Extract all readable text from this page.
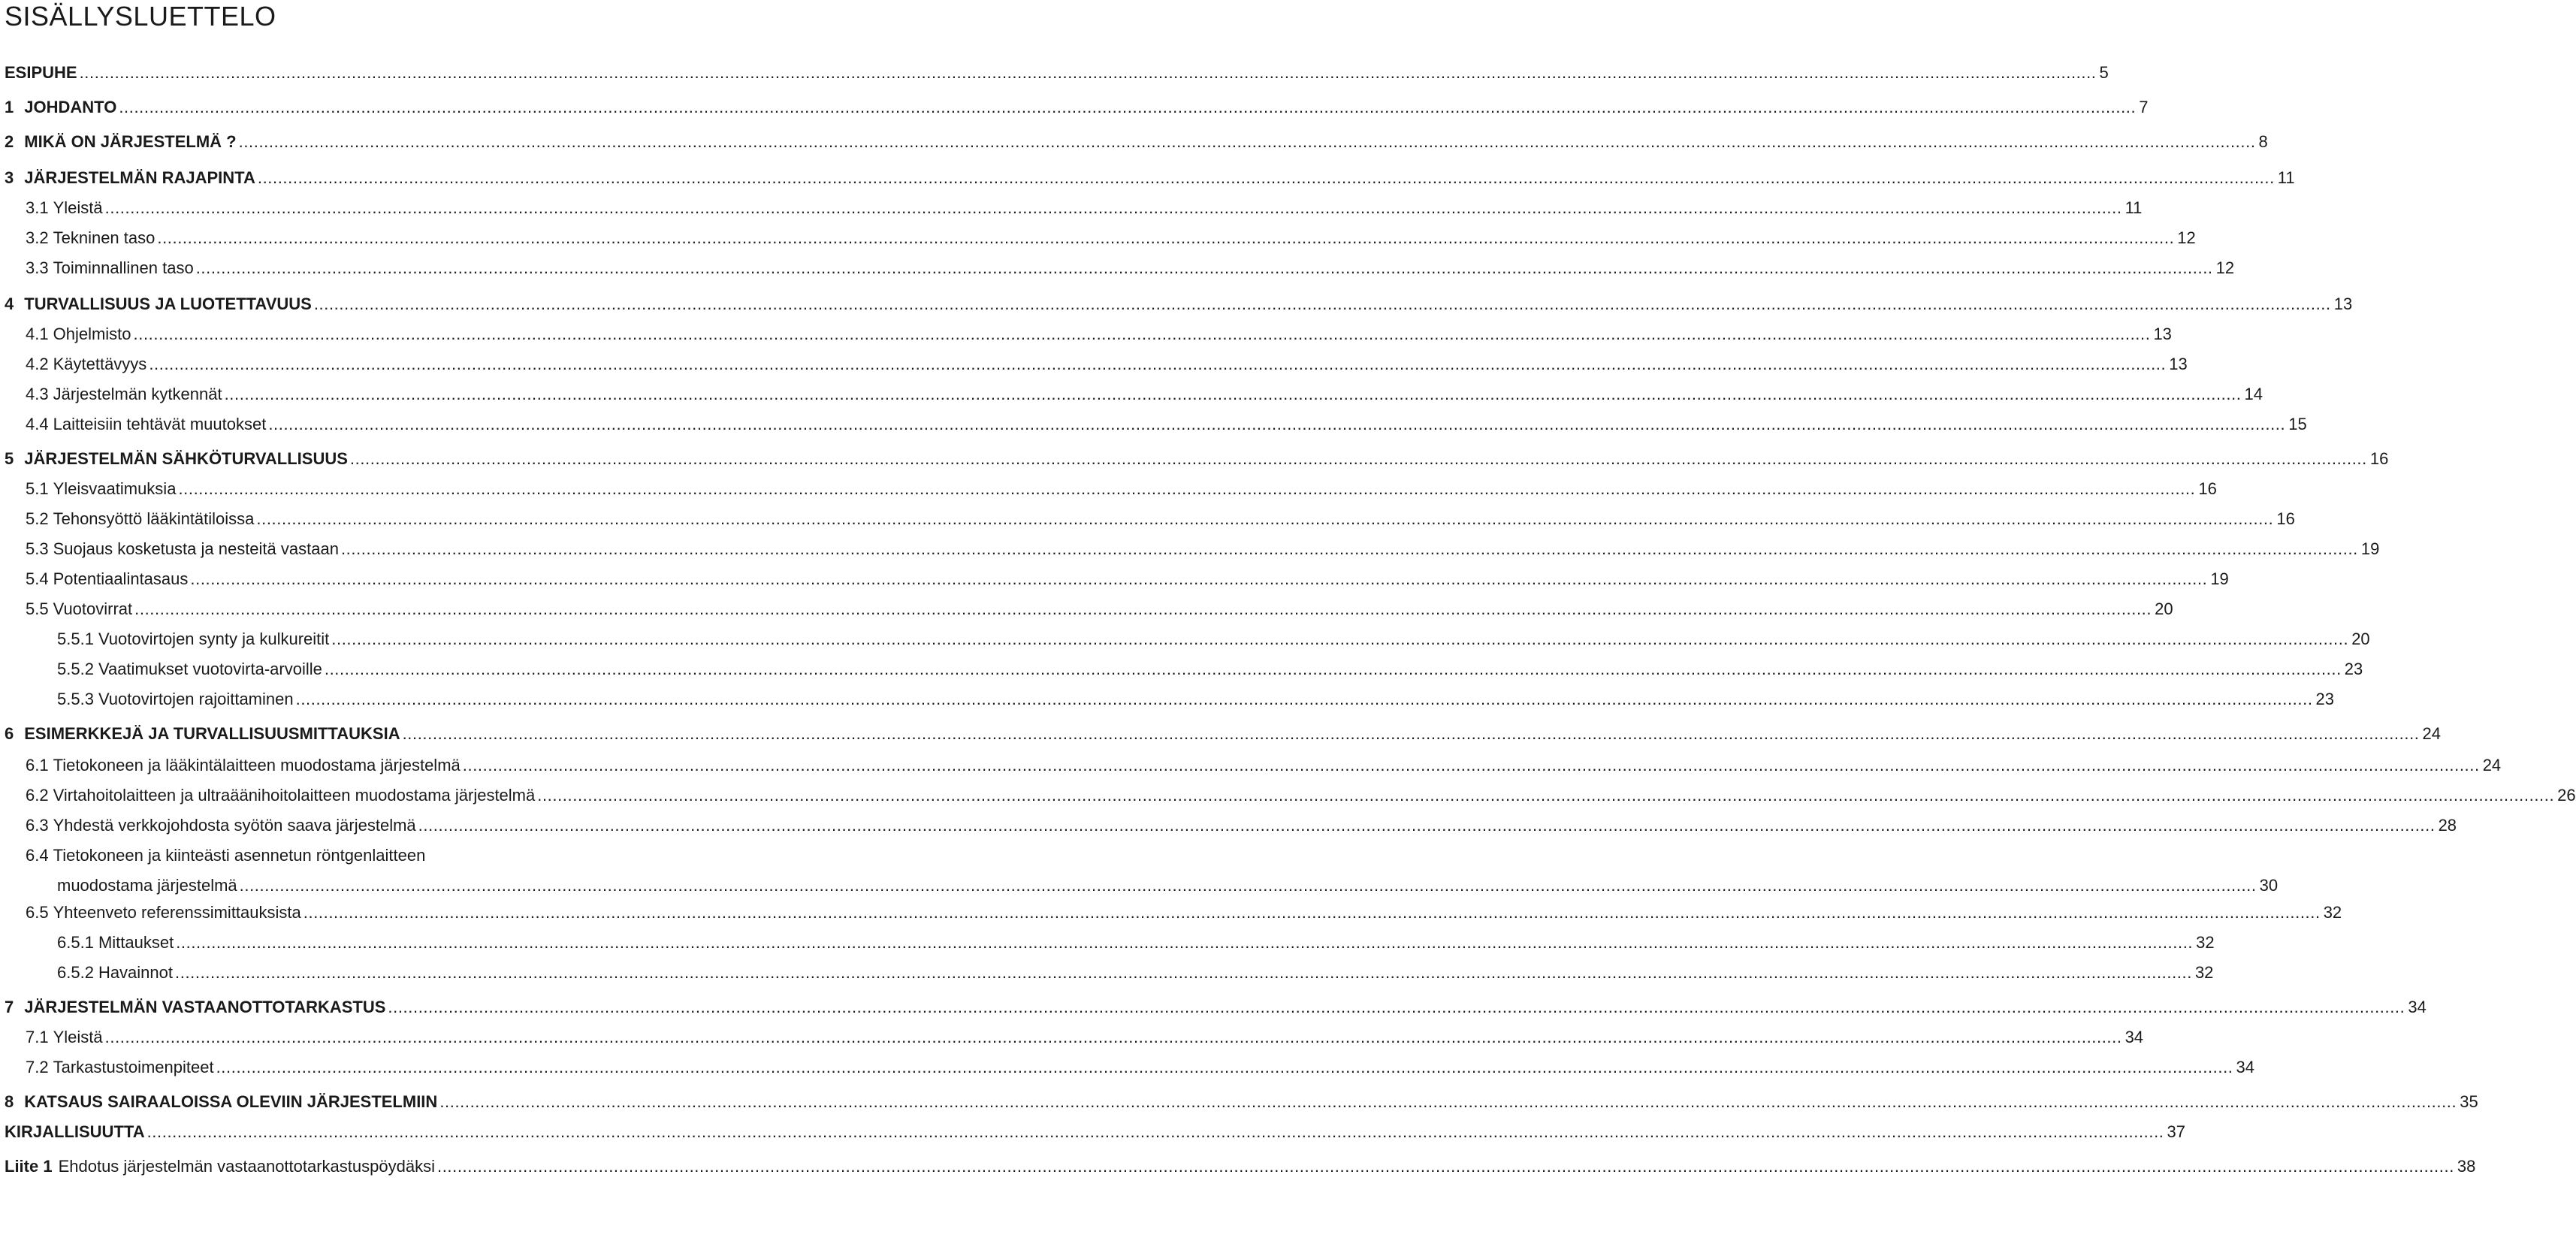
SISÄLLYSLUETTELO
ESIPUHE ................................................................................................................................................................................................................................................................................................................................................................................................................ 5
1 JOHDANTO ................................................................................................................................................................................................................................................................................................................................................................................................................ 7
2 MIKÄ ON JÄRJESTELMÄ ? ................................................................................................................................................................................................................................................................................................................................................................................................................ 8
3 JÄRJESTELMÄN RAJAPINTA ................................................................................................................................................................................................................................................................................................................................................................................................................ 11
3.1 Yleistä ................................................................................................................................................................................................................................................................................................................................................................................................................ 11
3.2 Tekninen taso ................................................................................................................................................................................................................................................................................................................................................................................................................ 12
3.3 Toiminnallinen taso ................................................................................................................................................................................................................................................................................................................................................................................................................ 12
4 TURVALLISUUS JA LUOTETTAVUUS ................................................................................................................................................................................................................................................................................................................................................................................................................ 13
4.1 Ohjelmisto ................................................................................................................................................................................................................................................................................................................................................................................................................ 13
4.2 Käytettävyys ................................................................................................................................................................................................................................................................................................................................................................................................................ 13
4.3 Järjestelmän kytkennät ................................................................................................................................................................................................................................................................................................................................................................................................................ 14
4.4 Laitteisiin tehtävät muutokset ................................................................................................................................................................................................................................................................................................................................................................................................................ 15
5 JÄRJESTELMÄN SÄHKÖTURVALLISUUS ................................................................................................................................................................................................................................................................................................................................................................................................................ 16
5.1 Yleisvaatimuksia ................................................................................................................................................................................................................................................................................................................................................................................................................ 16
5.2 Tehonsyöttö lääkintätiloissa ................................................................................................................................................................................................................................................................................................................................................................................................................ 16
5.3 Suojaus kosketusta ja nesteitä vastaan ................................................................................................................................................................................................................................................................................................................................................................................................................ 19
5.4 Potentiaalintasaus ................................................................................................................................................................................................................................................................................................................................................................................................................ 19
5.5 Vuotovirrat ................................................................................................................................................................................................................................................................................................................................................................................................................ 20
5.5.1 Vuotovirtojen synty ja kulkureitit ................................................................................................................................................................................................................................................................................................................................................................................................................ 20
5.5.2 Vaatimukset vuotovirta-arvoille ................................................................................................................................................................................................................................................................................................................................................................................................................ 23
5.5.3 Vuotovirtojen rajoittaminen ................................................................................................................................................................................................................................................................................................................................................................................................................ 23
6 ESIMERKKEJÄ JA TURVALLISUUSMITTAUKSIA ................................................................................................................................................................................................................................................................................................................................................................................................................ 24
6.1 Tietokoneen ja lääkintälaitteen muodostama järjestelmä ................................................................................................................................................................................................................................................................................................................................................................................................................ 24
6.2 Virtahoitolaitteen ja ultraäänihoitolaitteen muodostama järjestelmä ................................................................................................................................................................................................................................................................................................................................................................................................................ 26
6.3 Yhdestä verkkojohdosta syötön saava järjestelmä ................................................................................................................................................................................................................................................................................................................................................................................................................ 28
6.4 Tietokoneen ja kiinteästi asennetun röntgenlaitteen
muodostama järjestelmä ................................................................................................................................................................................................................................................................................................................................................................................................................ 30
6.5 Yhteenveto referenssimittauksista ................................................................................................................................................................................................................................................................................................................................................................................................................ 32
6.5.1 Mittaukset ................................................................................................................................................................................................................................................................................................................................................................................................................ 32
6.5.2 Havainnot ................................................................................................................................................................................................................................................................................................................................................................................................................ 32
7 JÄRJESTELMÄN VASTAANOTTOTARKASTUS ................................................................................................................................................................................................................................................................................................................................................................................................................ 34
7.1 Yleistä ................................................................................................................................................................................................................................................................................................................................................................................................................ 34
7.2 Tarkastustoimenpiteet ................................................................................................................................................................................................................................................................................................................................................................................................................ 34
8 KATSAUS SAIRAALOISSA OLEVIIN JÄRJESTELMIIN ................................................................................................................................................................................................................................................................................................................................................................................................................ 35
KIRJALLISUUTTA ................................................................................................................................................................................................................................................................................................................................................................................................................ 37
Liite 1 Ehdotus järjestelmän vastaanottotarkastuspöydäksi ................................................................................................................................................................................................................................................................................................................................................................................................................ 38
